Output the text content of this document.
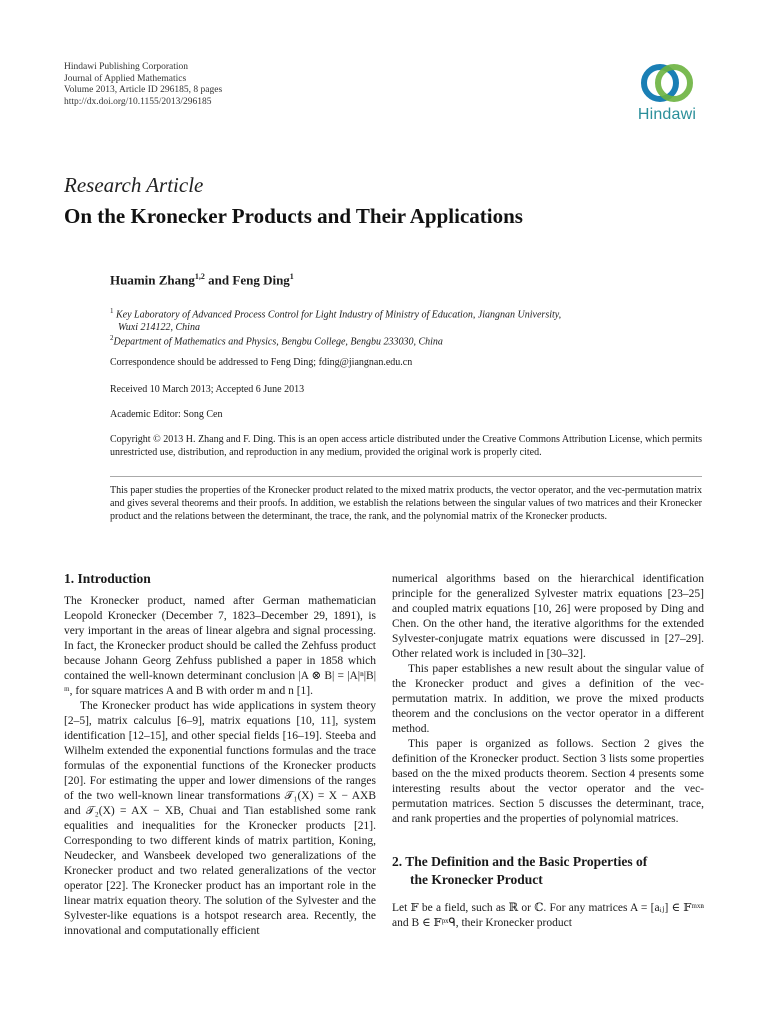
Hindawi Publishing Corporation
Journal of Applied Mathematics
Volume 2013, Article ID 296185, 8 pages
http://dx.doi.org/10.1155/2013/296185
Hindawi
Research Article
On the Kronecker Products and Their Applications
Huamin Zhang$^{1,2}$ and Feng Ding$^1$
$^1$ Key Laboratory of Advanced Process Control for Light Industry of Ministry of Education, Jiangnan University,
Wuxi 214122, China
$^2$Department of Mathematics and Physics, Bengbu College, Bengbu 233030, China
Correspondence should be addressed to Feng Ding; fding@jiangnan.edu.cn
Received 10 March 2013; Accepted 6 June 2013
Academic Editor: Song Cen
Copyright © 2013 H. Zhang and F. Ding. This is an open access article distributed under the Creative Commons Attribution License, which permits unrestricted use, distribution, and reproduction in any medium, provided the original work is properly cited.
This paper studies the properties of the Kronecker product related to the mixed matrix products, the vector operator, and the vec-permutation matrix and gives several theorems and their proofs. In addition, we establish the relations between the singular values of two matrices and their Kronecker product and the relations between the determinant, the trace, the rank, and the polynomial matrix of the Kronecker products.
1. Introduction

The Kronecker product, named after German mathematician Leopold Kronecker (December 7, 1823–December 29, 1891), is very important in the areas of linear algebra and signal processing. In fact, the Kronecker product should be called the Zehfuss product because Johann Georg Zehfuss published a paper in 1858 which contained the well-known determinant conclusion |A ⊗ B| = |A|ⁿ|B|ᵐ, for square matrices A and B with order m and n [1].

The Kronecker product has wide applications in system theory [2–5], matrix calculus [6–9], matrix equations [10, 11], system identification [12–15], and other special fields [16–19]. Steeba and Wilhelm extended the exponential functions formulas and the trace formulas of the exponential functions of the Kronecker products [20]. For estimating the upper and lower dimensions of the ranges of the two well-known linear transformations 𝒯₁(X) = X − AXB and 𝒯₂(X) = AX − XB, Chuai and Tian established some rank equalities and inequalities for the Kronecker products [21]. Corresponding to two different kinds of matrix partition, Koning, Neudecker, and Wansbeek developed two generalizations of the Kronecker product and two related generalizations of the vector operator [22]. The Kronecker product has an important role in the linear matrix equation theory. The solution of the Sylvester and the Sylvester-like equations is a hotspot research area. Recently, the innovational and computationally efficient

numerical algorithms based on the hierarchical identification principle for the generalized Sylvester matrix equations [23–25] and coupled matrix equations [10, 26] were proposed by Ding and Chen. On the other hand, the iterative algorithms for the extended Sylvester-conjugate matrix equations were discussed in [27–29]. Other related work is included in [30–32].

This paper establishes a new result about the singular value of the Kronecker product and gives a definition of the vec-permutation matrix. In addition, we prove the mixed products theorem and the conclusions on the vector operator in a different method.

This paper is organized as follows. Section 2 gives the definition of the Kronecker product. Section 3 lists some properties based on the the mixed products theorem. Section 4 presents some interesting results about the vector operator and the vec-permutation matrices. Section 5 discusses the determinant, trace, and rank properties and the properties of polynomial matrices.

2. The Definition and the Basic Properties of
the Kronecker Product

Let 𝔽 be a field, such as ℝ or ℂ. For any matrices A = [aᵢⱼ] ∈ 𝔽ᵐˣⁿ and B ∈ 𝔽ᵖˣᑫ, their Kronecker product
